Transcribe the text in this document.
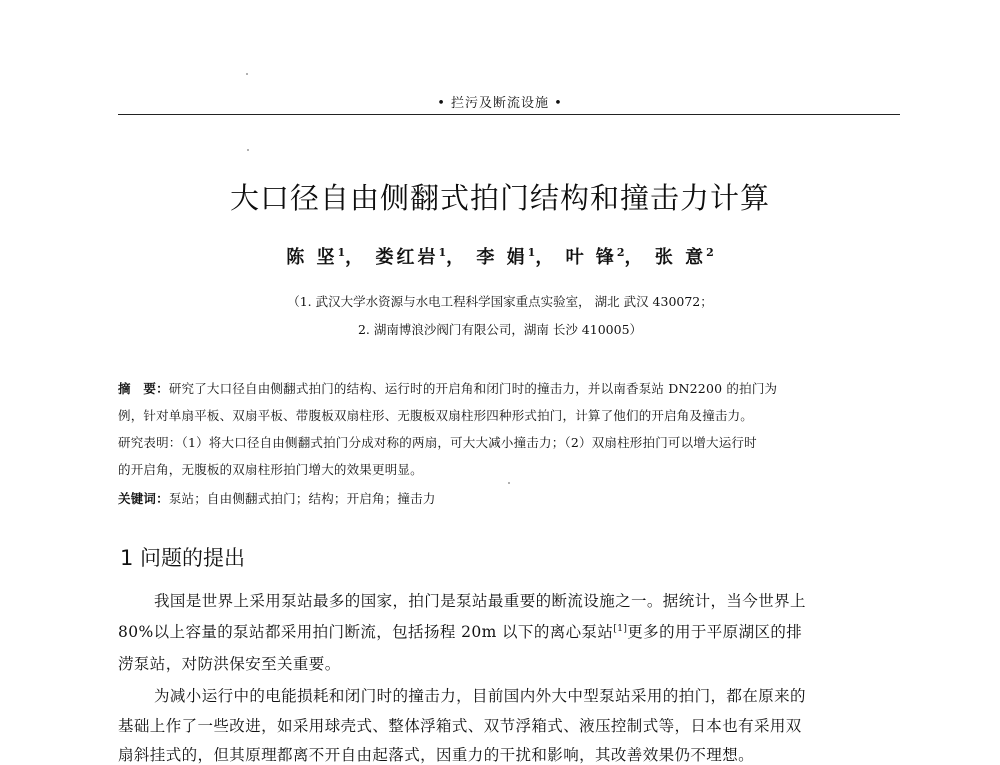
• 拦污及断流设施 •
大口径自由侧翻式拍门结构和撞击力计算
陈 坚$^1$， 娄红岩$^1$， 李 娟$^1$， 叶 锋$^2$， 张 意$^2$
（1. 武汉大学水资源与水电工程科学国家重点实验室， 湖北 武汉 430072；
2. 湖南博浪沙阀门有限公司，湖南 长沙 410005）
摘　要：研究了大口径自由侧翻式拍门的结构、运行时的开启角和闭门时的撞击力，并以南香泵站 DN2200 的拍门为
例，针对单扇平板、双扇平板、带腹板双扇柱形、无腹板双扇柱形四种形式拍门，计算了他们的开启角及撞击力。
研究表明：（1）将大口径自由侧翻式拍门分成对称的两扇，可大大减小撞击力；（2）双扇柱形拍门可以增大运行时
的开启角，无腹板的双扇柱形拍门增大的效果更明显。
关键词：泵站；自由侧翻式拍门；结构；开启角；撞击力
1 问题的提出
我国是世界上采用泵站最多的国家，拍门是泵站最重要的断流设施之一。据统计，当今世界上
80%以上容量的泵站都采用拍门断流，包括扬程 20m 以下的离心泵站[1]更多的用于平原湖区的排
涝泵站，对防洪保安至关重要。
为减小运行中的电能损耗和闭门时的撞击力，目前国内外大中型泵站采用的拍门，都在原来的
基础上作了一些改进，如采用球壳式、整体浮箱式、双节浮箱式、液压控制式等，日本也有采用双
扇斜挂式的，但其原理都离不开自由起落式，因重力的干扰和影响，其改善效果仍不理想。
